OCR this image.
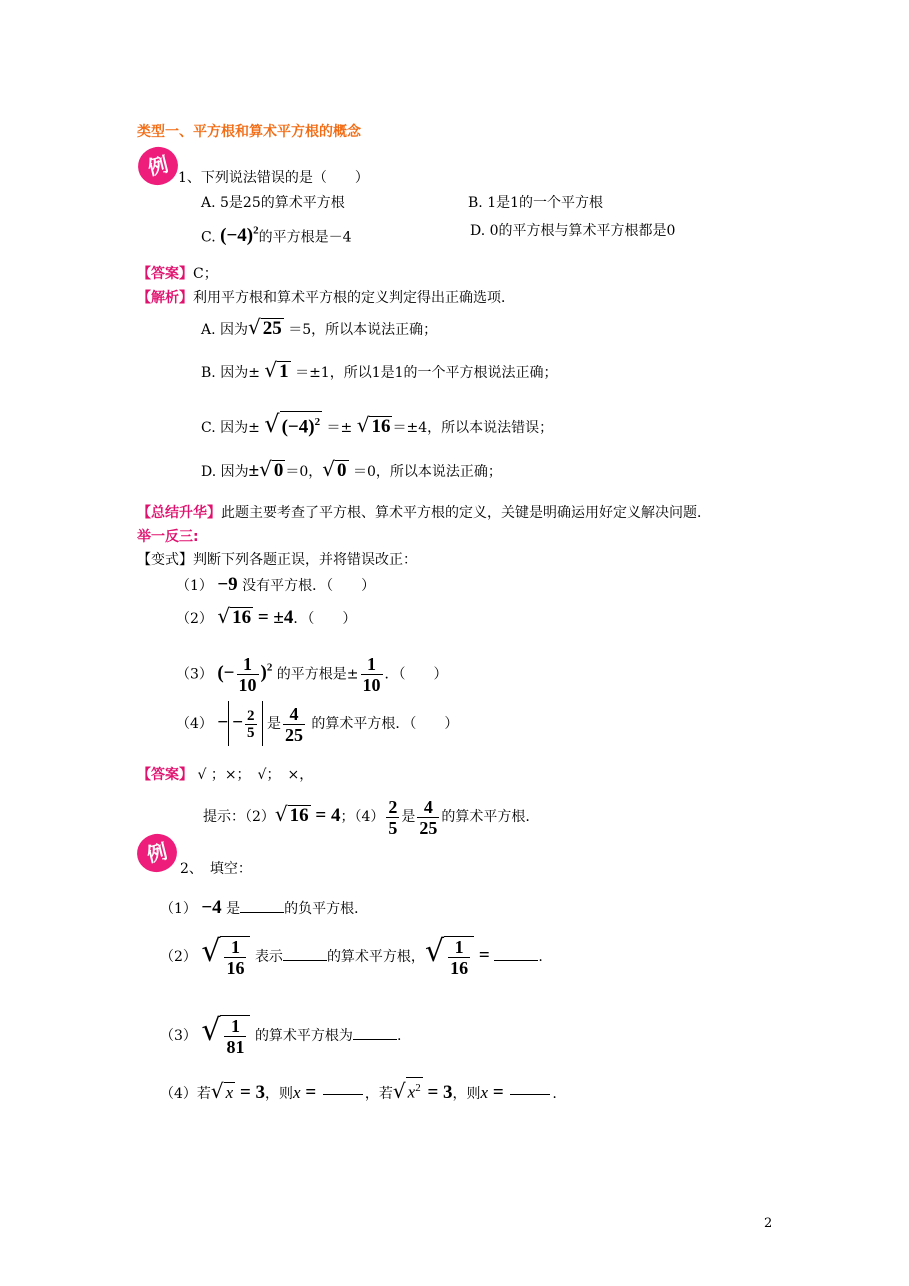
类型一、平方根和算术平方根的概念
例 1、下列说法错误的是（　　）
A. 5是25的算术平方根	B. 1是1的一个平方根
C. $(-4)^2$的平方根是－4	D. 0的平方根与算术平方根都是0
【答案】C；
【解析】利用平方根和算术平方根的定义判定得出正确选项．
A. 因为√ 25 ＝5，所以本说法正确；
B. 因为± √ 1 ＝±1，所以1是1的一个平方根说法正确；
C. 因为± √ $(-4)^2$ ＝± √ 16 ＝±4，所以本说法错误；
D. 因为±√ 0 ＝0，√ 0 ＝0，所以本说法正确；
【总结升华】此题主要考查了平方根、算术平方根的定义，关键是明确运用好定义解决问题．
举一反三:
【变式】判断下列各题正误，并将错误改正：
（1） −9 没有平方根．（　　）
（2） √ 16 = ±4．（　　）
（3） (− $\frac{1}{10} )^2$ 的平方根是± $\frac{1}{10}$ ．（　　）
（4） − − $\frac{2}{5}$ 是 $\frac{4}{25}$ 的算术平方根．（　　）
【答案】 √ ；×；　√；　×，
提示：（2）√ 16 = 4；$(4) \frac{2}{5}$ 是 $\frac{4}{25}$ 的算术平方根.
例
2、　填空：
（1） −4 是	的负平方根．
（2） √ $\frac{1}{16}$ 表示	的算术平方根，√ $\frac{1}{16}$ =	.
（3） √ $\frac{1}{81}$ 的算术平方根为	.
（4）若√ x = 3，则x =	，若√ $x^2 = 3$，则x =	.
2
